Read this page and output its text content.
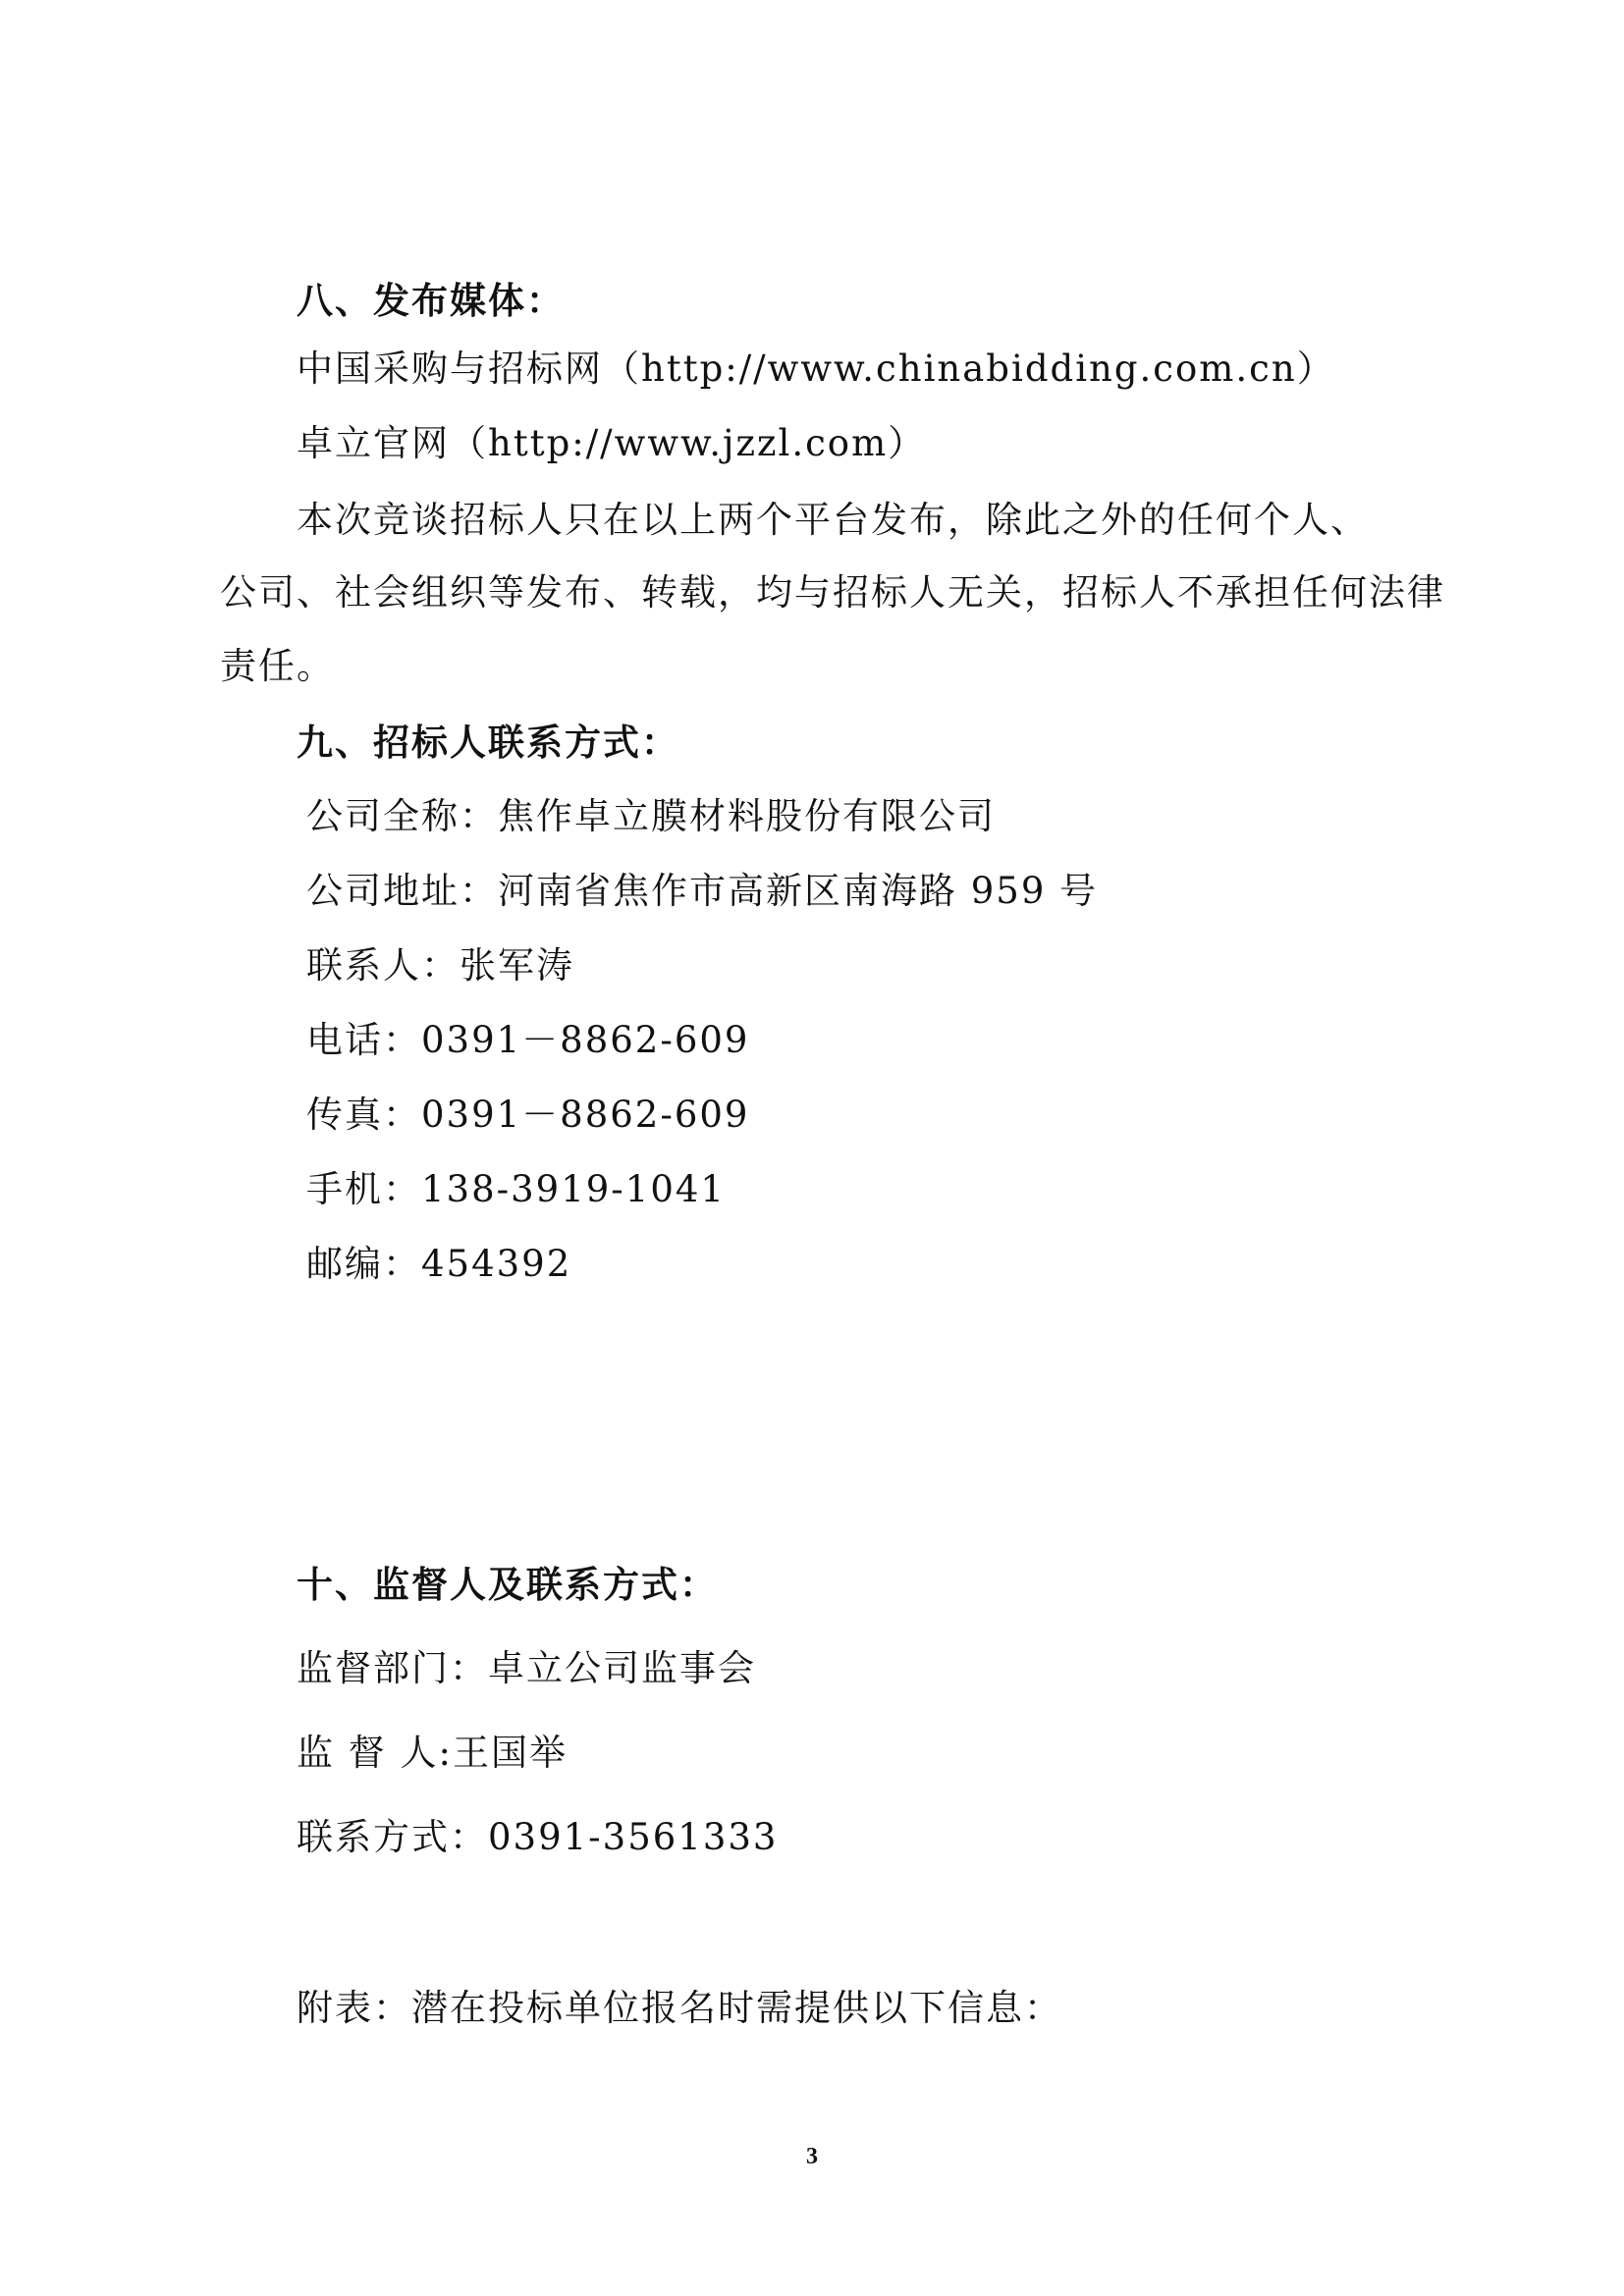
八、发布媒体：
中国采购与招标网（http://www.chinabidding.com.cn）
卓立官网（http://www.jzzl.com）
本次竞谈招标人只在以上两个平台发布，除此之外的任何个人、
公司、社会组织等发布、转载，均与招标人无关，招标人不承担任何法律
责任。
九、招标人联系方式：
公司全称：焦作卓立膜材料股份有限公司
公司地址：河南省焦作市高新区南海路 959 号
联系人：张军涛
电话：0391－8862-609
传真：0391－8862-609
手机：138-3919-1041
邮编：454392
十、监督人及联系方式：
监督部门：卓立公司监事会
监 督 人:王国举
联系方式：0391-3561333
附表：潜在投标单位报名时需提供以下信息：
3
